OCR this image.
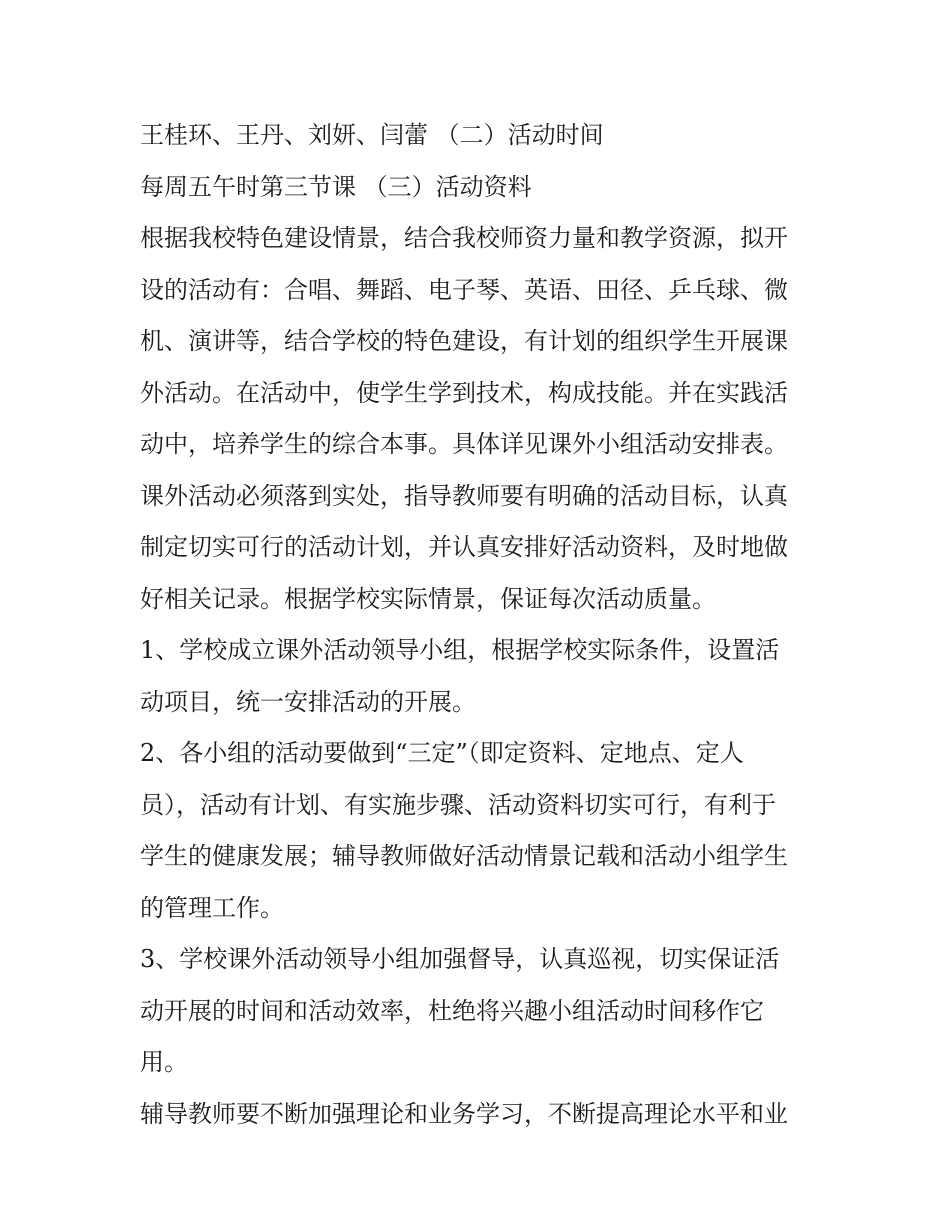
王桂环、王丹、刘妍、闫蕾 （二）活动时间
每周五午时第三节课 （三）活动资料
根据我校特色建设情景，结合我校师资力量和教学资源，拟开
设的活动有：合唱、舞蹈、电子琴、英语、田径、乒乓球、微
机、演讲等，结合学校的特色建设，有计划的组织学生开展课
外活动。在活动中，使学生学到技术，构成技能。并在实践活
动中，培养学生的综合本事。具体详见课外小组活动安排表。
课外活动必须落到实处，指导教师要有明确的活动目标，认真
制定切实可行的活动计划，并认真安排好活动资料，及时地做
好相关记录。根据学校实际情景，保证每次活动质量。
1、学校成立课外活动领导小组，根据学校实际条件，设置活
动项目，统一安排活动的开展。
2、各小组的活动要做到“三定”（即定资料、定地点、定人
员），活动有计划、有实施步骤、活动资料切实可行，有利于
学生的健康发展；辅导教师做好活动情景记载和活动小组学生
的管理工作。
3、学校课外活动领导小组加强督导，认真巡视，切实保证活
动开展的时间和活动效率，杜绝将兴趣小组活动时间移作它
用。
辅导教师要不断加强理论和业务学习，不断提高理论水平和业
